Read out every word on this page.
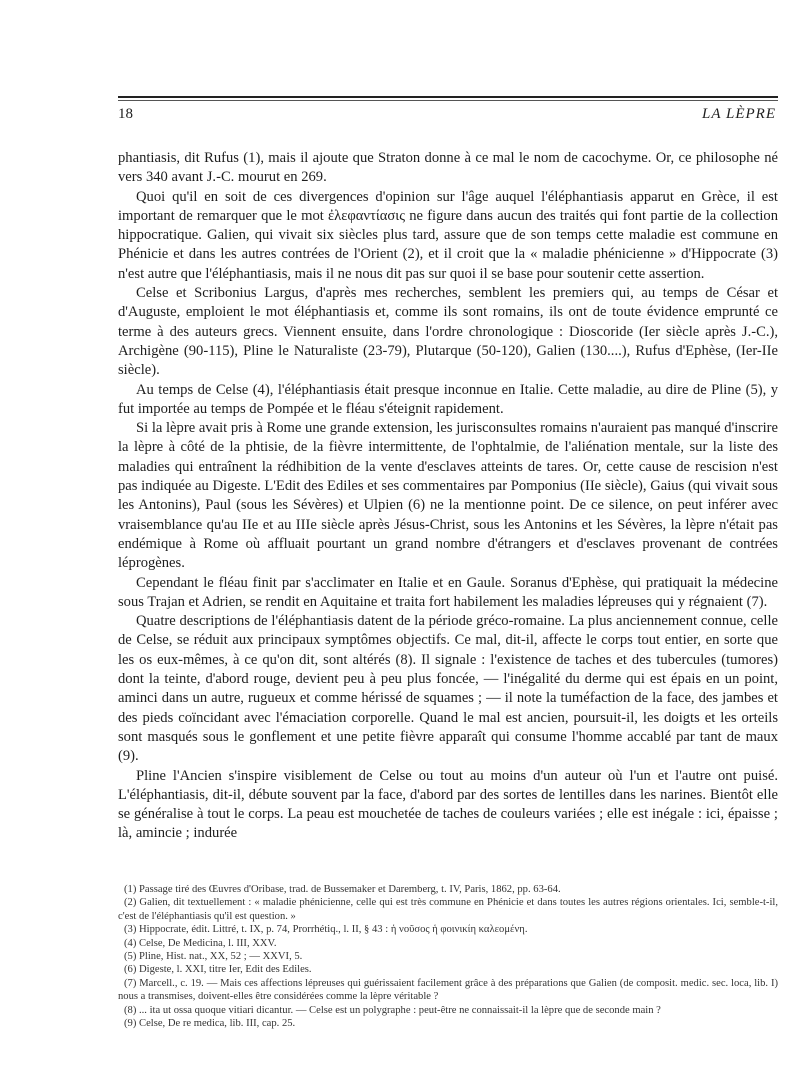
18	LA LÈPRE

phantiasis, dit Rufus (1), mais il ajoute que Straton donne à ce mal le nom de cacochyme. Or, ce philosophe né vers 340 avant J.-C. mourut en 269.

Quoi qu'il en soit de ces divergences d'opinion sur l'âge auquel l'éléphantiasis apparut en Grèce, il est important de remarquer que le mot ἐλεφαντίασις ne figure dans aucun des traités qui font partie de la collection hippocratique. Galien, qui vivait six siècles plus tard, assure que de son temps cette maladie est commune en Phénicie et dans les autres contrées de l'Orient (2), et il croit que la « maladie phénicienne » d'Hippocrate (3) n'est autre que l'éléphantiasis, mais il ne nous dit pas sur quoi il se base pour soutenir cette assertion.

Celse et Scribonius Largus, d'après mes recherches, semblent les premiers qui, au temps de César et d'Auguste, emploient le mot éléphantiasis et, comme ils sont romains, ils ont de toute évidence emprunté ce terme à des auteurs grecs. Viennent ensuite, dans l'ordre chronologique : Dioscoride (Ier siècle après J.-C.), Archigène (90-115), Pline le Naturaliste (23-79), Plutarque (50-120), Galien (130....), Rufus d'Ephèse, (Ier-IIe siècle).

Au temps de Celse (4), l'éléphantiasis était presque inconnue en Italie. Cette maladie, au dire de Pline (5), y fut importée au temps de Pompée et le fléau s'éteignit rapidement.

Si la lèpre avait pris à Rome une grande extension, les jurisconsultes romains n'auraient pas manqué d'inscrire la lèpre à côté de la phtisie, de la fièvre intermittente, de l'ophtalmie, de l'aliénation mentale, sur la liste des maladies qui entraînent la rédhibition de la vente d'esclaves atteints de tares. Or, cette cause de rescision n'est pas indiquée au Digeste. L'Edit des Ediles et ses commentaires par Pomponius (IIe siècle), Gaius (qui vivait sous les Antonins), Paul (sous les Sévères) et Ulpien (6) ne la mentionne point. De ce silence, on peut inférer avec vraisemblance qu'au IIe et au IIIe siècle après Jésus-Christ, sous les Antonins et les Sévères, la lèpre n'était pas endémique à Rome où affluait pourtant un grand nombre d'étrangers et d'esclaves provenant de contrées léprogènes.

Cependant le fléau finit par s'acclimater en Italie et en Gaule. Soranus d'Ephèse, qui pratiquait la médecine sous Trajan et Adrien, se rendit en Aquitaine et traita fort habilement les maladies lépreuses qui y régnaient (7).

Quatre descriptions de l'éléphantiasis datent de la période gréco-romaine. La plus anciennement connue, celle de Celse, se réduit aux principaux symptômes objectifs. Ce mal, dit-il, affecte le corps tout entier, en sorte que les os eux-mêmes, à ce qu'on dit, sont altérés (8). Il signale : l'existence de taches et des tubercules (tumores) dont la teinte, d'abord rouge, devient peu à peu plus foncée, — l'inégalité du derme qui est épais en un point, aminci dans un autre, rugueux et comme hérissé de squames ; — il note la tuméfaction de la face, des jambes et des pieds coïncidant avec l'émaciation corporelle. Quand le mal est ancien, poursuit-il, les doigts et les orteils sont masqués sous le gonflement et une petite fièvre apparaît qui consume l'homme accablé par tant de maux (9).

Pline l'Ancien s'inspire visiblement de Celse ou tout au moins d'un auteur où l'un et l'autre ont puisé. L'éléphantiasis, dit-il, débute souvent par la face, d'abord par des sortes de lentilles dans les narines. Bientôt elle se généralise à tout le corps. La peau est mouchetée de taches de couleurs variées ; elle est inégale : ici, épaisse ; là, amincie ; indurée

(1) Passage tiré des Œuvres d'Oribase, trad. de Bussemaker et Daremberg, t. IV, Paris, 1862, pp. 63-64.

(2) Galien, dit textuellement : « maladie phénicienne, celle qui est très commune en Phénicie et dans toutes les autres régions orientales. Ici, semble-t-il, c'est de l'éléphantiasis qu'il est question. »

(3) Hippocrate, édit. Littré, t. IX, p. 74, Prorrhétiq., l. II, § 43 : ἡ νοῦσος ἡ φοινικίη καλεομένη.

(4) Celse, De Medicina, l. III, XXV.

(5) Pline, Hist. nat., XX, 52 ; — XXVI, 5.

(6) Digeste, l. XXI, titre Ier, Edit des Ediles.

(7) Marcell., c. 19. — Mais ces affections lépreuses qui guérissaient facilement grâce à des préparations que Galien (de composit. medic. sec. loca, lib. I) nous a transmises, doivent-elles être considérées comme la lèpre véritable ?

(8) ... ita ut ossa quoque vitiari dicantur. — Celse est un polygraphe : peut-être ne connaissait-il la lèpre que de seconde main ?

(9) Celse, De re medica, lib. III, cap. 25.
